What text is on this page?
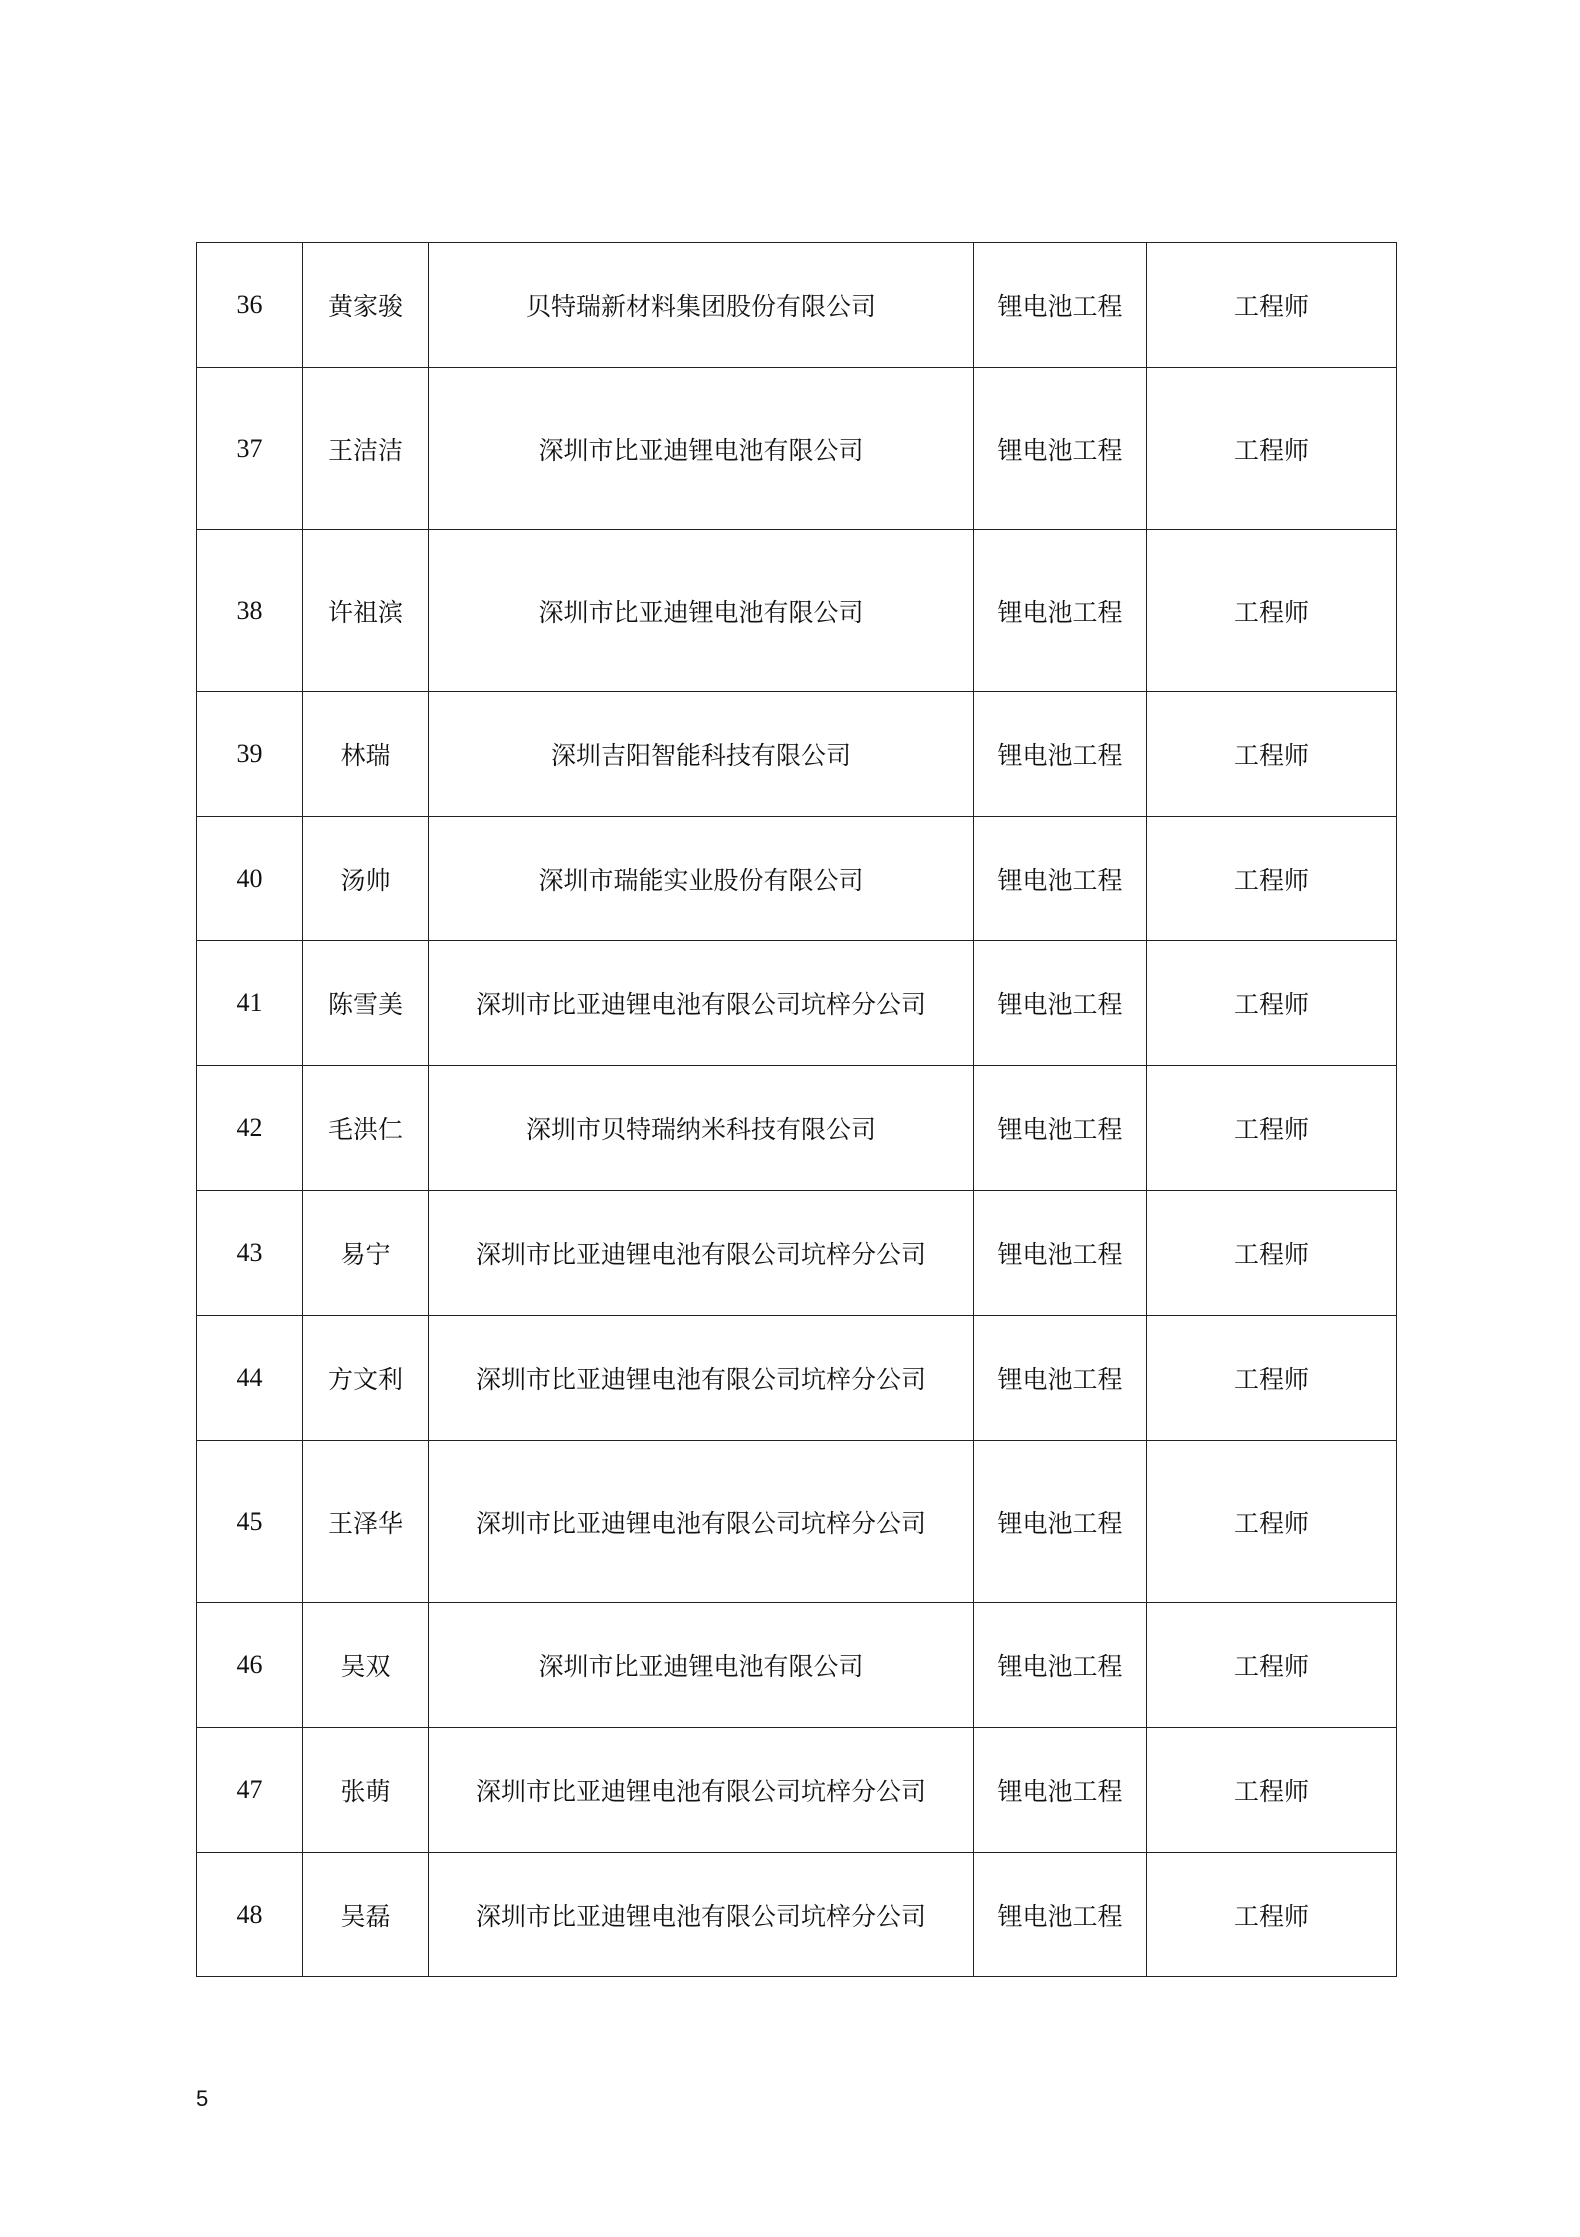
36	黄家骏	贝特瑞新材料集团股份有限公司	锂电池工程	工程师
37	王洁洁	深圳市比亚迪锂电池有限公司	锂电池工程	工程师
38	许祖滨	深圳市比亚迪锂电池有限公司	锂电池工程	工程师
39	林瑞	深圳吉阳智能科技有限公司	锂电池工程	工程师
40	汤帅	深圳市瑞能实业股份有限公司	锂电池工程	工程师
41	陈雪美	深圳市比亚迪锂电池有限公司坑梓分公司	锂电池工程	工程师
42	毛洪仁	深圳市贝特瑞纳米科技有限公司	锂电池工程	工程师
43	易宁	深圳市比亚迪锂电池有限公司坑梓分公司	锂电池工程	工程师
44	方文利	深圳市比亚迪锂电池有限公司坑梓分公司	锂电池工程	工程师
45	王泽华	深圳市比亚迪锂电池有限公司坑梓分公司	锂电池工程	工程师
46	吴双	深圳市比亚迪锂电池有限公司	锂电池工程	工程师
47	张萌	深圳市比亚迪锂电池有限公司坑梓分公司	锂电池工程	工程师
48	吴磊	深圳市比亚迪锂电池有限公司坑梓分公司	锂电池工程	工程师
5
